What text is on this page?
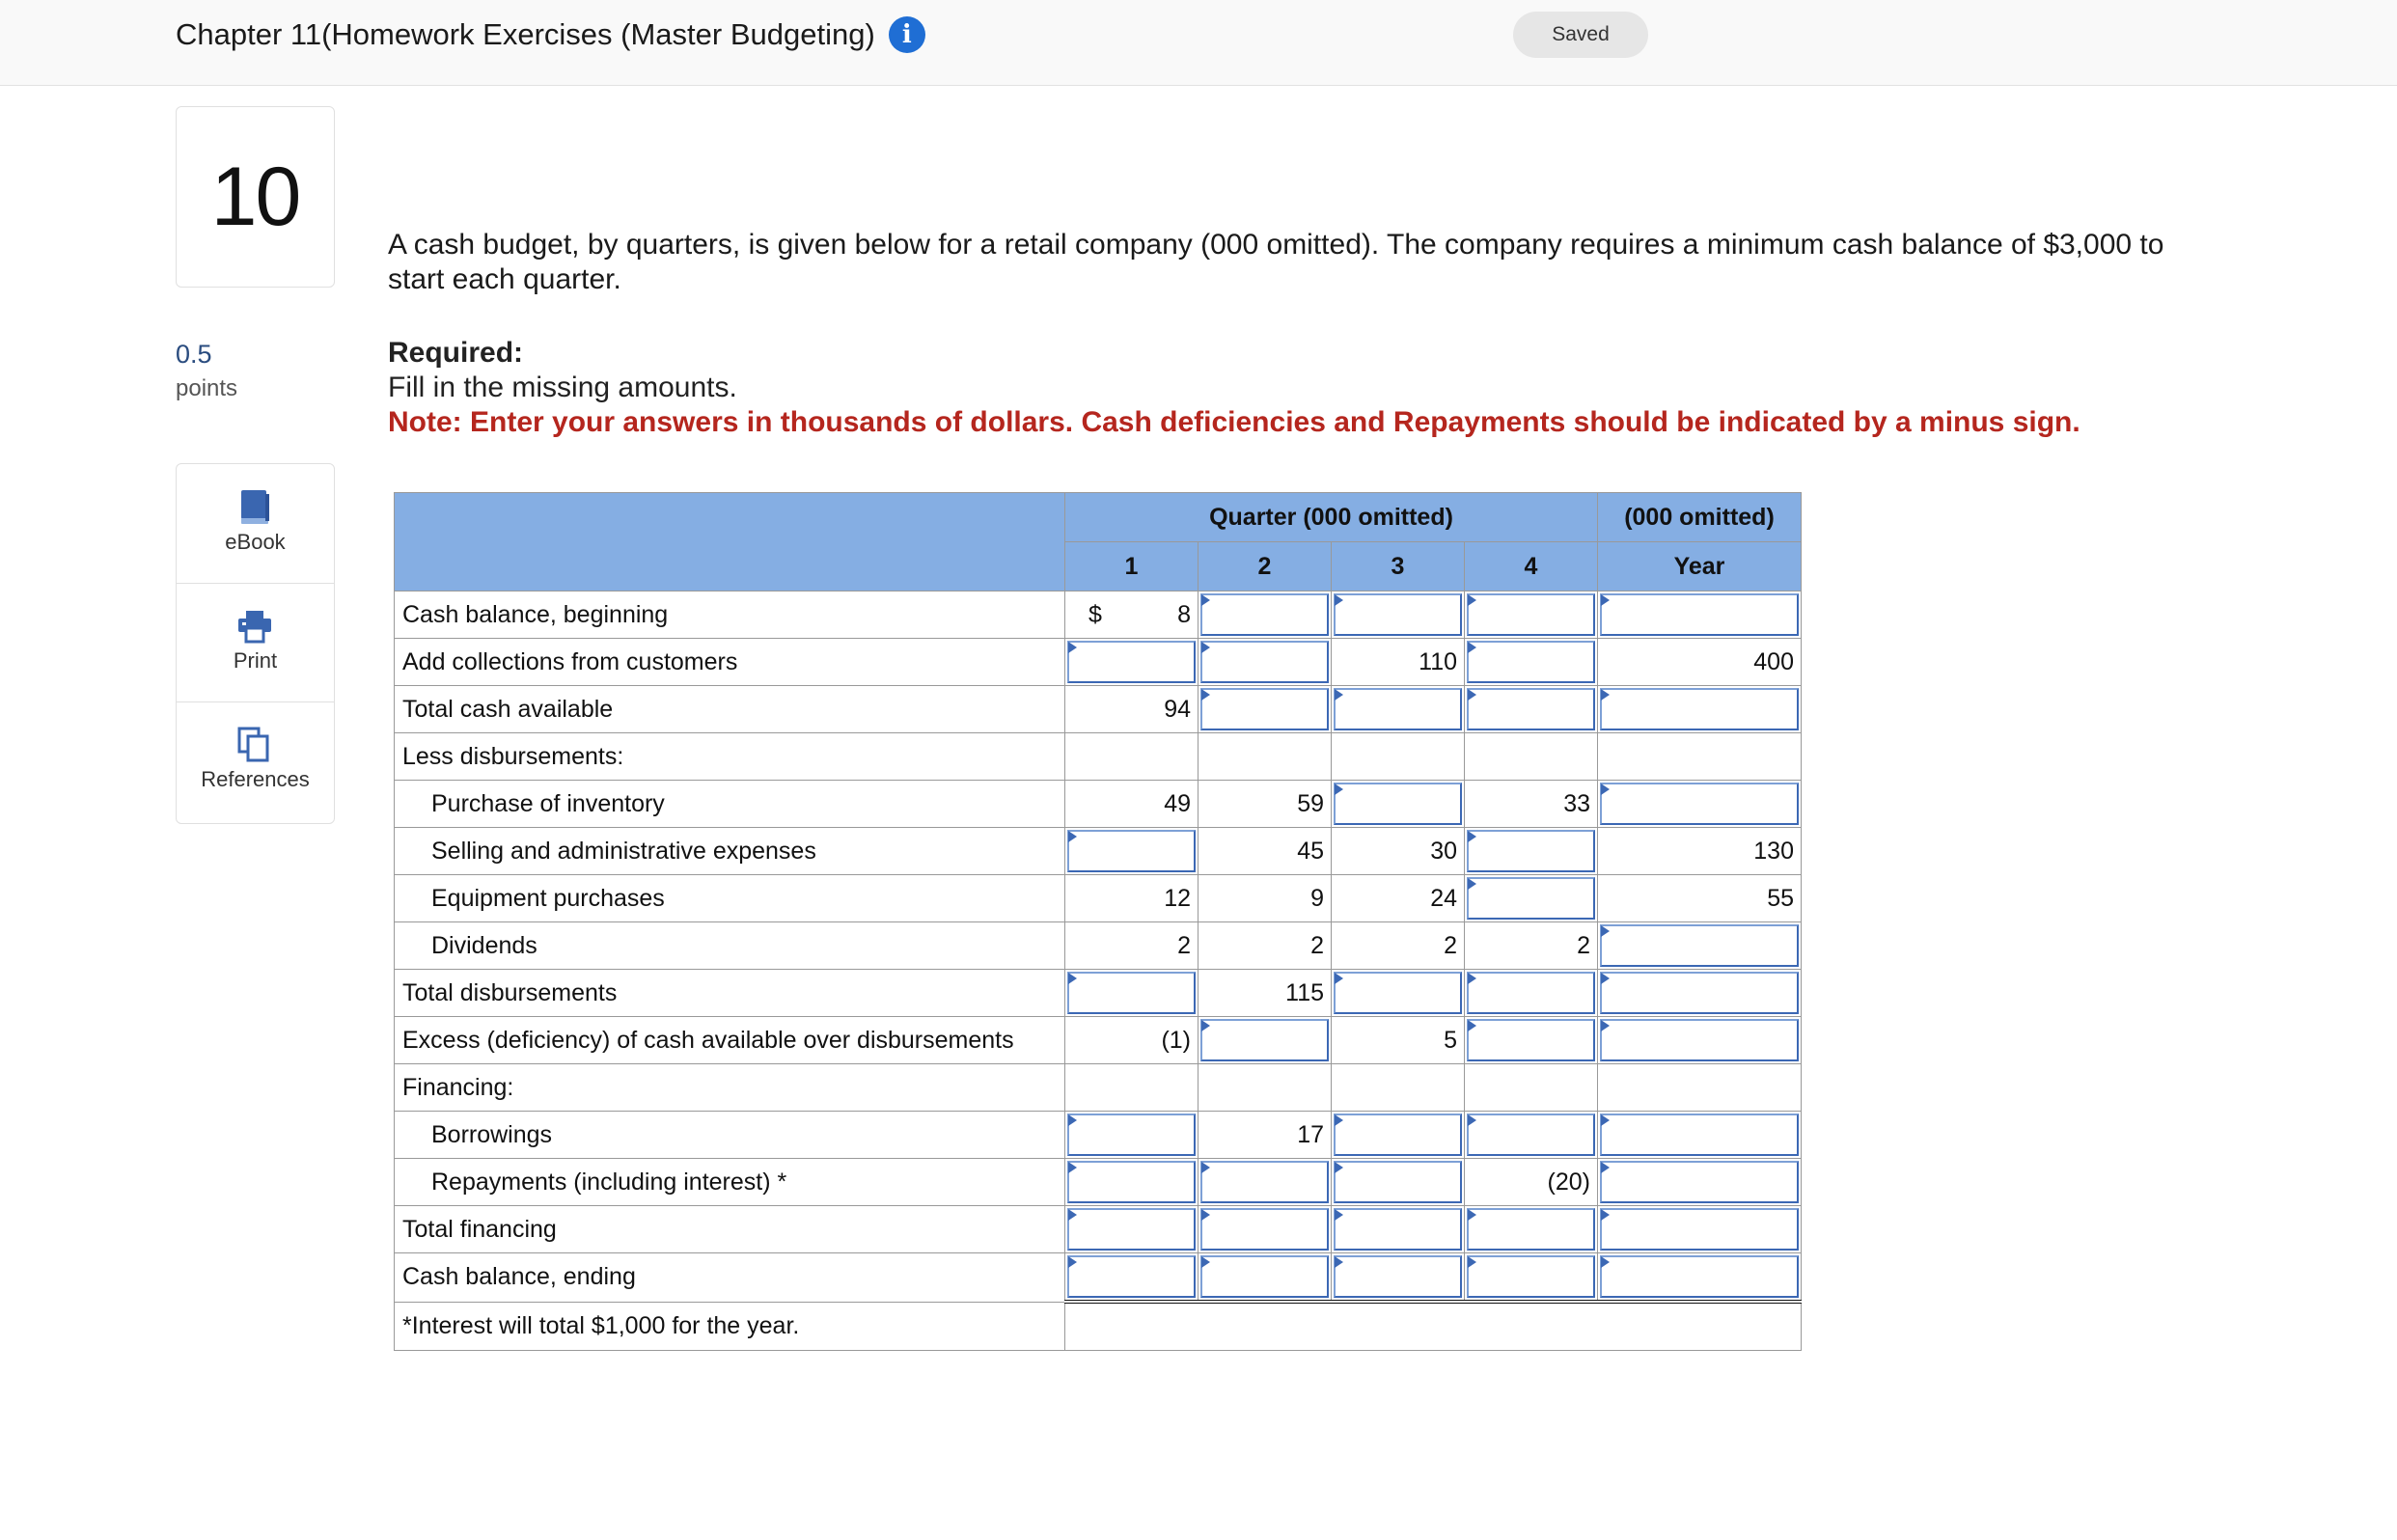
Chapter 11(Homework Exercises (Master Budgeting)	i	Saved
10
0.5
points
eBook
Print
References
A cash budget, by quarters, is given below for a retail company (000 omitted). The company requires a minimum cash balance of $3,000 to start each quarter.
Required:
Fill in the missing amounts.
Note: Enter your answers in thousands of dollars. Cash deficiencies and Repayments should be indicated by a minus sign.
	Quarter (000 omitted)				(000 omitted)
	1	2	3	4	Year
Cash balance, beginning	$ 8	

Add collections from customers			110		400
Total cash available	94	

Less disbursements:					
Purchase of inventory	49	59		33	

Selling and administrative expenses		45	30		130
Equipment purchases	12	9	24		55
Dividends	2	2	2	2	

Total disbursements		115	

Excess (deficiency) of cash available over disbursements	(1)		5	

Financing:					
Borrowings		17	

Repayments (including interest) *				(20)	

Total financing	

Cash balance, ending	

*Interest will total $1,000 for the year.					
